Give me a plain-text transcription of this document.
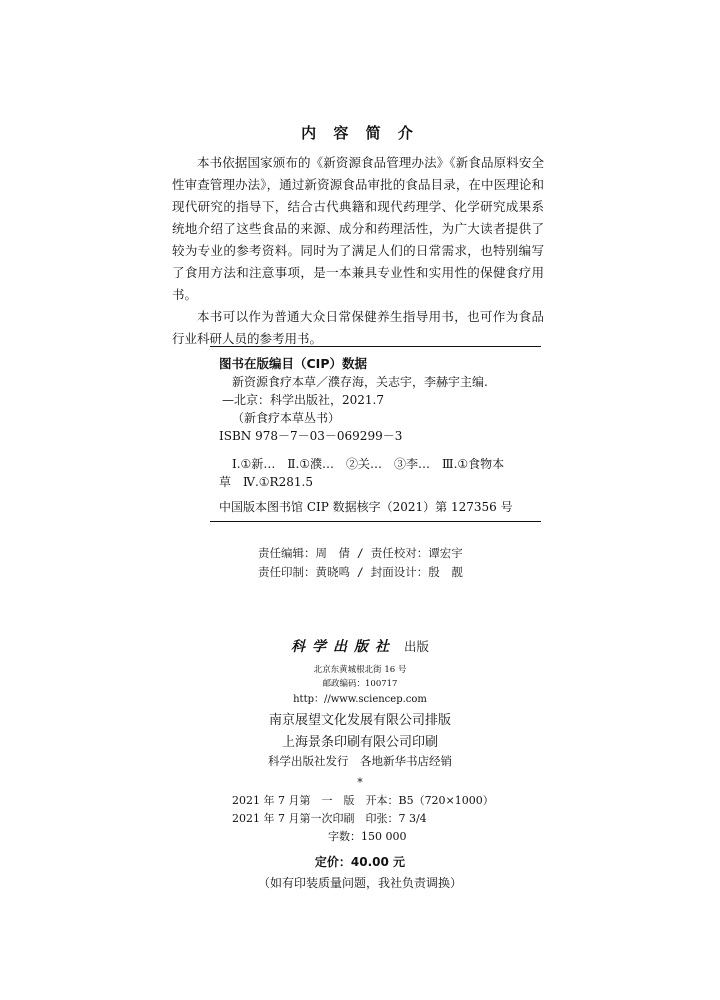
内 容 简 介

本书依据国家颁布的《新资源食品管理办法》《新食品原料安全性审查管理办法》，通过新资源食品审批的食品目录，在中医理论和现代研究的指导下，结合古代典籍和现代药理学、化学研究成果系统地介绍了这些食品的来源、成分和药理活性，为广大读者提供了较为专业的参考资料。同时为了满足人们的日常需求，也特别编写了食用方法和注意事项，是一本兼具专业性和实用性的保健食疗用书。

本书可以作为普通大众日常保健养生指导用书，也可作为食品行业科研人员的参考用书。

图书在版编目（CIP）数据
新资源食疗本草／濮存海，关志宇，李赫宇主编.
—北京：科学出版社，2021.7
（新食疗本草丛书）
ISBN 978－7－03－069299－3
Ⅰ.①新…　Ⅱ.①濮…　②关…　③李…　Ⅲ.①食物本
草　Ⅳ.①R281.5
中国版本图书馆 CIP 数据核字（2021）第 127356 号
责任编辑：周　倩 / 责任校对：谭宏宇
责任印制：黄晓鸣 / 封面设计：殷　靓
科学出版社 出版
北京东黄城根北街 16 号
邮政编码：100717
http：//www.sciencep.com
南京展望文化发展有限公司排版
上海景条印刷有限公司印刷
科学出版社发行　各地新华书店经销
*
2021 年 7 月第　一　版　开本：B5（720×1000）
2021 年 7 月第一次印刷　印张：7 3/4
字数：150 000
定价：40.00 元
（如有印装质量问题，我社负责调换）
